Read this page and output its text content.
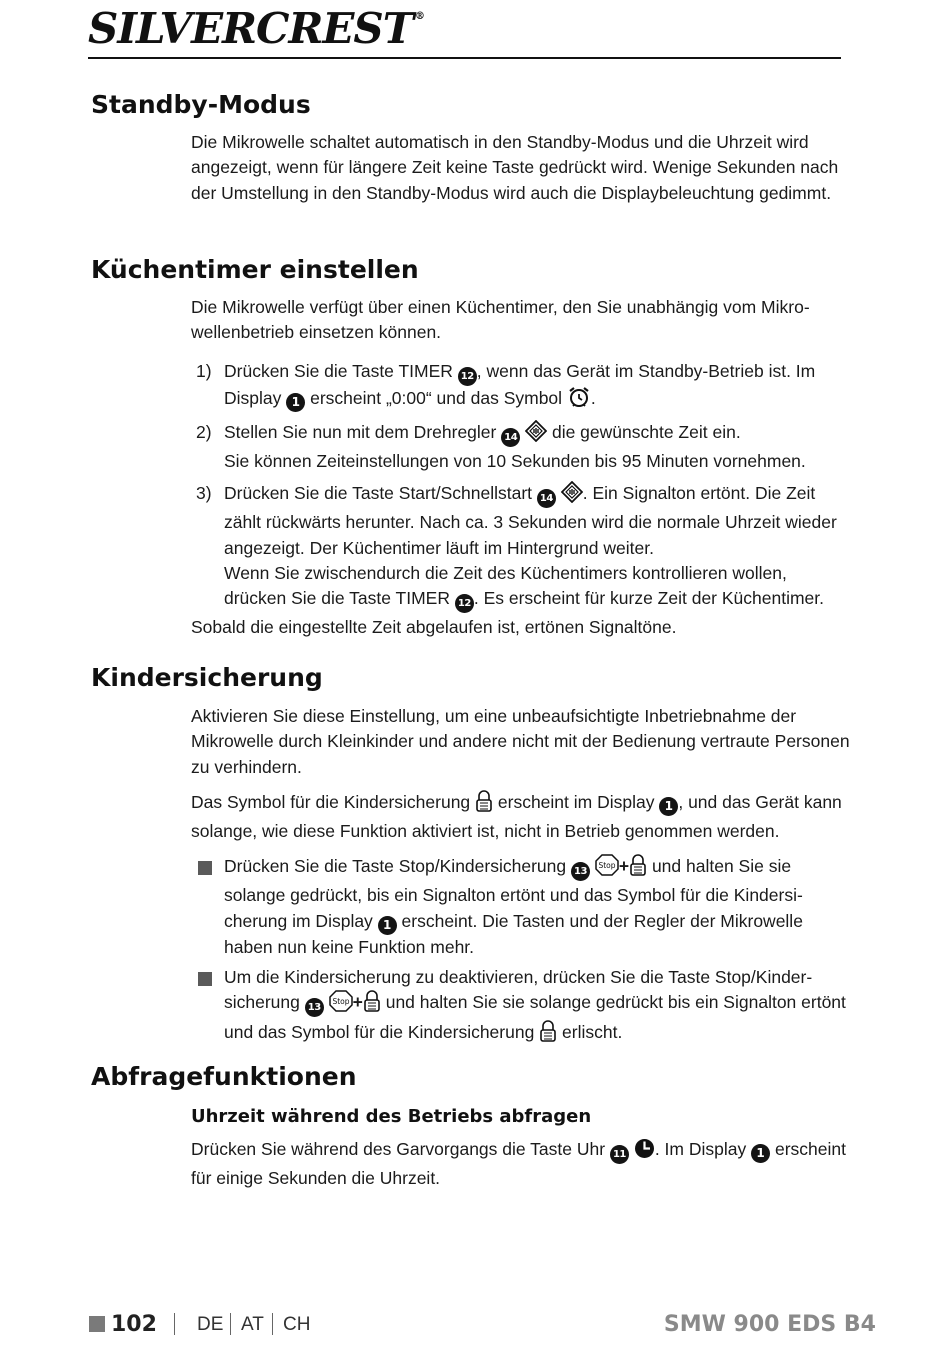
SILVERCREST ®
Standby-Modus

Die Mikrowelle schaltet automatisch in den Standby-Modus und die Uhrzeit wird angezeigt, wenn für längere Zeit keine Taste gedrückt wird. Wenige Sekunden nach der Umstellung in den Standby-Modus wird auch die Displaybeleuchtung gedimmt.

Küchentimer einstellen

Die Mikrowelle verfügt über einen Küchentimer, den Sie unabhängig vom Mikro-wellenbetrieb einsetzen können.

1) Drücken Sie die Taste TIMER 12 , wenn das Gerät im Standby-Betrieb ist. Im Display 1 erscheint „0:00“ und das Symbol .
2) Stellen Sie nun mit dem Drehregler 14  die gewünschte Zeit ein.
Sie können Zeiteinstellungen von 10 Sekunden bis 95 Minuten vornehmen.
3) Drücken Sie die Taste Start/Schnellstart 14 . Ein Signalton ertönt. Die Zeit zählt rückwärts herunter. Nach ca. 3 Sekunden wird die normale Uhrzeit wieder angezeigt. Der Küchentimer läuft im Hintergrund weiter.
Wenn Sie zwischendurch die Zeit des Küchentimers kontrollieren wollen, drücken Sie die Taste TIMER 12 . Es erscheint für kurze Zeit der Küchentimer.

Sobald die eingestellte Zeit abgelaufen ist, ertönen Signaltöne.

Kindersicherung

Aktivieren Sie diese Einstellung, um eine unbeaufsichtigte Inbetriebnahme der Mikrowelle durch Kleinkinder und andere nicht mit der Bedienung vertraute Personen zu verhindern.

Das Symbol für die Kindersicherung  erscheint im Display 1 , und das Gerät kann solange, wie diese Funktion aktiviert ist, nicht in Betrieb genommen werden.

Drücken Sie die Taste Stop/Kindersicherung 13
Stop + und halten Sie sie solange gedrückt, bis ein Signalton ertönt und das Symbol für die Kindersi-cherung im Display 1 erscheint. Die Tasten und der Regler der Mikrowelle haben nun keine Funktion mehr.
Um die Kindersicherung zu deaktivieren, drücken Sie die Taste Stop/Kinder-sicherung 13
Stop + und halten Sie sie solange gedrückt bis ein Signalton ertönt und das Symbol für die Kindersicherung  erlischt.
Abfragefunktionen
Uhrzeit während des Betriebs abfragen

Drücken Sie während des Garvorgangs die Taste Uhr 11 . Im Display 1 erscheint für einige Sekunden die Uhrzeit.

102 DE AT CH	SMW 900 EDS B4
